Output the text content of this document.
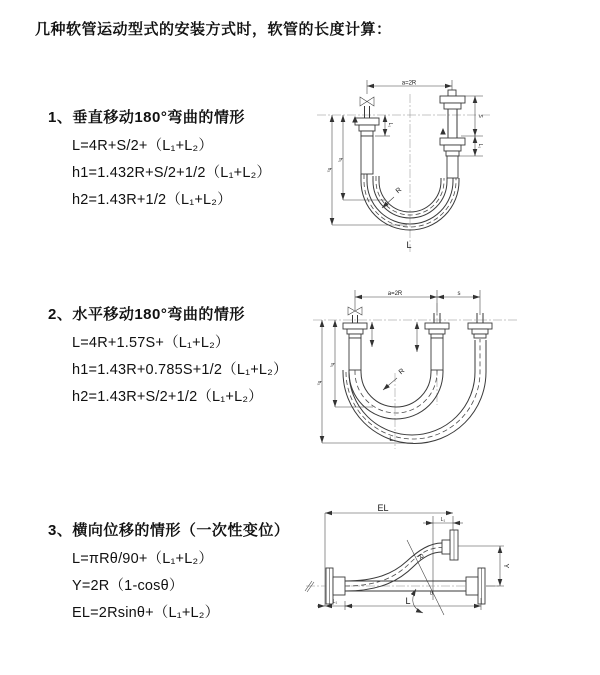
几种软管运动型式的安装方式时，软管的长度计算：
1、垂直移动180°弯曲的情形
L=4R+S/2+（L₁+L₂）
h1=1.432R+S/2+1/2（L₁+L₂）
h2=1.43R+1/2（L₁+L₂）
2、水平移动180°弯曲的情形
L=4R+1.57S+（L₁+L₂）
h1=1.43R+0.785S+1/2（L₁+L₂）
h2=1.43R+S/2+1/2（L₁+L₂）
3、横向位移的情形（一次性变位）
L=πRθ/90+（L₁+L₂）
Y=2R（1-cosθ）
EL=2Rsinθ+（L₁+L₂）
a=2R
S
L₁
L₁
h₂
h₁
R
L
a=2R	s
h₂
h₁
R
L
EL
L₁
θ
R
Y
L₁	L
